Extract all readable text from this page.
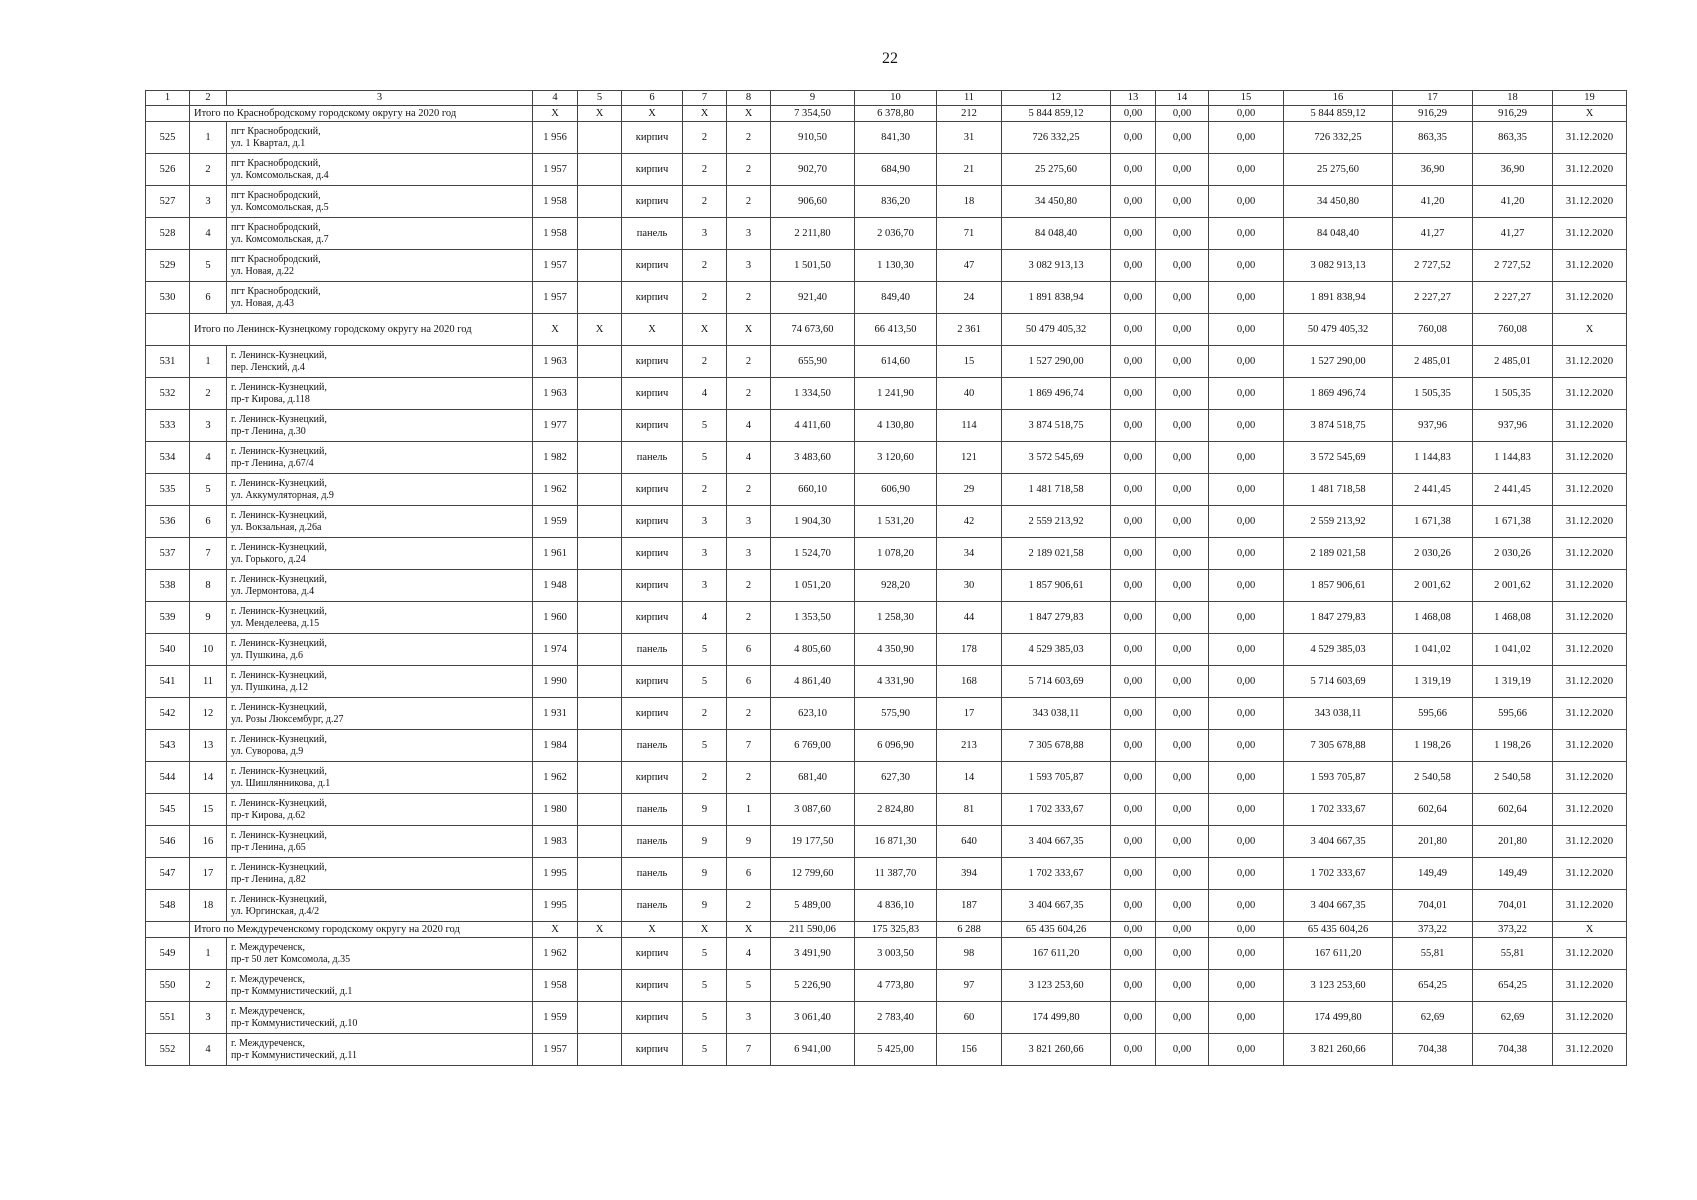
22
1	2	3	4	5	6	7	8	9	10	11	12	13	14	15	16	17	18	19
	Итого по Краснобродскому городскому округу на 2020 год		X	X	X	X	X	7 354,50	6 378,80	212	5 844 859,12	0,00	0,00	0,00	5 844 859,12	916,29	916,29	X
525	1	пгт Краснобродский,
ул. 1 Квартал, д.1	1 956		кирпич	2	2	910,50	841,30	31	726 332,25	0,00	0,00	0,00	726 332,25	863,35	863,35	31.12.2020
526	2	пгт Краснобродский,
ул. Комсомольская, д.4	1 957		кирпич	2	2	902,70	684,90	21	25 275,60	0,00	0,00	0,00	25 275,60	36,90	36,90	31.12.2020
527	3	пгт Краснобродский,
ул. Комсомольская, д.5	1 958		кирпич	2	2	906,60	836,20	18	34 450,80	0,00	0,00	0,00	34 450,80	41,20	41,20	31.12.2020
528	4	пгт Краснобродский,
ул. Комсомольская, д.7	1 958		панель	3	3	2 211,80	2 036,70	71	84 048,40	0,00	0,00	0,00	84 048,40	41,27	41,27	31.12.2020
529	5	пгт Краснобродский,
ул. Новая, д.22	1 957		кирпич	2	3	1 501,50	1 130,30	47	3 082 913,13	0,00	0,00	0,00	3 082 913,13	2 727,52	2 727,52	31.12.2020
530	6	пгт Краснобродский,
ул. Новая, д.43	1 957		кирпич	2	2	921,40	849,40	24	1 891 838,94	0,00	0,00	0,00	1 891 838,94	2 227,27	2 227,27	31.12.2020
	Итого по Ленинск-Кузнецкому городскому округу на 2020 год		X	X	X	X	X	74 673,60	66 413,50	2 361	50 479 405,32	0,00	0,00	0,00	50 479 405,32	760,08	760,08	X
531	1	г. Ленинск-Кузнецкий,
пер. Ленский, д.4	1 963		кирпич	2	2	655,90	614,60	15	1 527 290,00	0,00	0,00	0,00	1 527 290,00	2 485,01	2 485,01	31.12.2020
532	2	г. Ленинск-Кузнецкий,
пр-т Кирова, д.118	1 963		кирпич	4	2	1 334,50	1 241,90	40	1 869 496,74	0,00	0,00	0,00	1 869 496,74	1 505,35	1 505,35	31.12.2020
533	3	г. Ленинск-Кузнецкий,
пр-т Ленина, д.30	1 977		кирпич	5	4	4 411,60	4 130,80	114	3 874 518,75	0,00	0,00	0,00	3 874 518,75	937,96	937,96	31.12.2020
534	4	г. Ленинск-Кузнецкий,
пр-т Ленина, д.67/4	1 982		панель	5	4	3 483,60	3 120,60	121	3 572 545,69	0,00	0,00	0,00	3 572 545,69	1 144,83	1 144,83	31.12.2020
535	5	г. Ленинск-Кузнецкий,
ул. Аккумуляторная, д.9	1 962		кирпич	2	2	660,10	606,90	29	1 481 718,58	0,00	0,00	0,00	1 481 718,58	2 441,45	2 441,45	31.12.2020
536	6	г. Ленинск-Кузнецкий,
ул. Вокзальная, д.26а	1 959		кирпич	3	3	1 904,30	1 531,20	42	2 559 213,92	0,00	0,00	0,00	2 559 213,92	1 671,38	1 671,38	31.12.2020
537	7	г. Ленинск-Кузнецкий,
ул. Горького, д.24	1 961		кирпич	3	3	1 524,70	1 078,20	34	2 189 021,58	0,00	0,00	0,00	2 189 021,58	2 030,26	2 030,26	31.12.2020
538	8	г. Ленинск-Кузнецкий,
ул. Лермонтова, д.4	1 948		кирпич	3	2	1 051,20	928,20	30	1 857 906,61	0,00	0,00	0,00	1 857 906,61	2 001,62	2 001,62	31.12.2020
539	9	г. Ленинск-Кузнецкий,
ул. Менделеева, д.15	1 960		кирпич	4	2	1 353,50	1 258,30	44	1 847 279,83	0,00	0,00	0,00	1 847 279,83	1 468,08	1 468,08	31.12.2020
540	10	г. Ленинск-Кузнецкий,
ул. Пушкина, д.6	1 974		панель	5	6	4 805,60	4 350,90	178	4 529 385,03	0,00	0,00	0,00	4 529 385,03	1 041,02	1 041,02	31.12.2020
541	11	г. Ленинск-Кузнецкий,
ул. Пушкина, д.12	1 990		кирпич	5	6	4 861,40	4 331,90	168	5 714 603,69	0,00	0,00	0,00	5 714 603,69	1 319,19	1 319,19	31.12.2020
542	12	г. Ленинск-Кузнецкий,
ул. Розы Люксембург, д.27	1 931		кирпич	2	2	623,10	575,90	17	343 038,11	0,00	0,00	0,00	343 038,11	595,66	595,66	31.12.2020
543	13	г. Ленинск-Кузнецкий,
ул. Суворова, д.9	1 984		панель	5	7	6 769,00	6 096,90	213	7 305 678,88	0,00	0,00	0,00	7 305 678,88	1 198,26	1 198,26	31.12.2020
544	14	г. Ленинск-Кузнецкий,
ул. Шишлянникова, д.1	1 962		кирпич	2	2	681,40	627,30	14	1 593 705,87	0,00	0,00	0,00	1 593 705,87	2 540,58	2 540,58	31.12.2020
545	15	г. Ленинск-Кузнецкий,
пр-т Кирова, д.62	1 980		панель	9	1	3 087,60	2 824,80	81	1 702 333,67	0,00	0,00	0,00	1 702 333,67	602,64	602,64	31.12.2020
546	16	г. Ленинск-Кузнецкий,
пр-т Ленина, д.65	1 983		панель	9	9	19 177,50	16 871,30	640	3 404 667,35	0,00	0,00	0,00	3 404 667,35	201,80	201,80	31.12.2020
547	17	г. Ленинск-Кузнецкий,
пр-т Ленина, д.82	1 995		панель	9	6	12 799,60	11 387,70	394	1 702 333,67	0,00	0,00	0,00	1 702 333,67	149,49	149,49	31.12.2020
548	18	г. Ленинск-Кузнецкий,
ул. Юргинская, д.4/2	1 995		панель	9	2	5 489,00	4 836,10	187	3 404 667,35	0,00	0,00	0,00	3 404 667,35	704,01	704,01	31.12.2020
	Итого по Междуреченскому городскому округу на 2020 год		X	X	X	X	X	211 590,06	175 325,83	6 288	65 435 604,26	0,00	0,00	0,00	65 435 604,26	373,22	373,22	X
549	1	г. Междуреченск,
пр-т 50 лет Комсомола, д.35	1 962		кирпич	5	4	3 491,90	3 003,50	98	167 611,20	0,00	0,00	0,00	167 611,20	55,81	55,81	31.12.2020
550	2	г. Междуреченск,
пр-т Коммунистический, д.1	1 958		кирпич	5	5	5 226,90	4 773,80	97	3 123 253,60	0,00	0,00	0,00	3 123 253,60	654,25	654,25	31.12.2020
551	3	г. Междуреченск,
пр-т Коммунистический, д.10	1 959		кирпич	5	3	3 061,40	2 783,40	60	174 499,80	0,00	0,00	0,00	174 499,80	62,69	62,69	31.12.2020
552	4	г. Междуреченск,
пр-т Коммунистический, д.11	1 957		кирпич	5	7	6 941,00	5 425,00	156	3 821 260,66	0,00	0,00	0,00	3 821 260,66	704,38	704,38	31.12.2020
